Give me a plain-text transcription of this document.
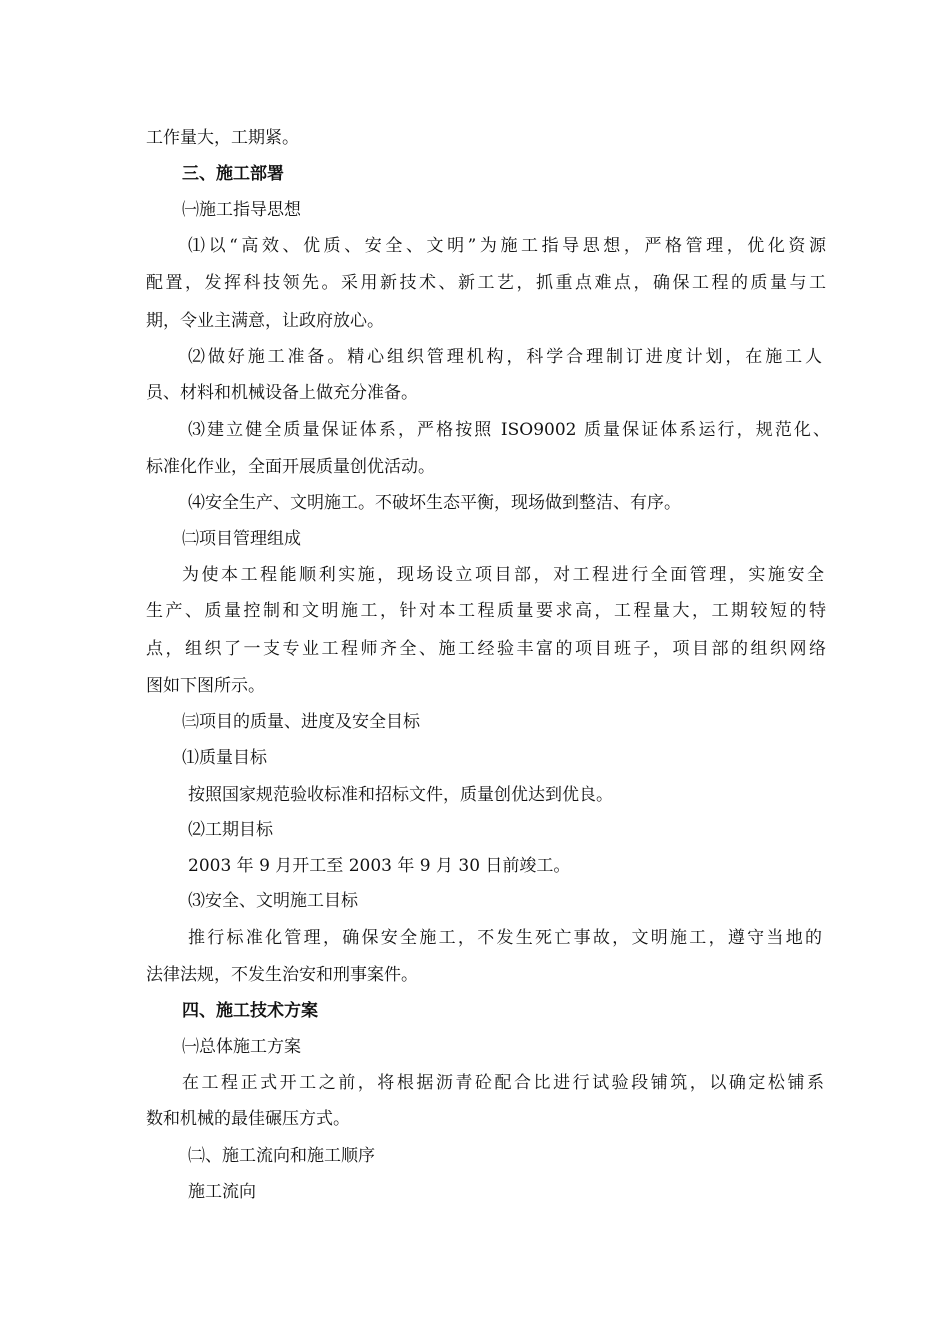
工作量大，工期紧。

三、施工部署

㈠施工指导思想

⑴以“高效、优质、安全、文明”为施工指导思想，严格管理，优化资源

配置，发挥科技领先。采用新技术、新工艺，抓重点难点，确保工程的质量与工

期，令业主满意，让政府放心。

⑵做好施工准备。精心组织管理机构，科学合理制订进度计划，在施工人

员、材料和机械设备上做充分准备。

⑶建立健全质量保证体系，严格按照 ISO9002 质量保证体系运行，规范化、

标准化作业，全面开展质量创优活动。

⑷安全生产、文明施工。不破坏生态平衡，现场做到整洁、有序。

㈡项目管理组成

为使本工程能顺利实施，现场设立项目部，对工程进行全面管理，实施安全

生产、质量控制和文明施工，针对本工程质量要求高，工程量大，工期较短的特

点，组织了一支专业工程师齐全、施工经验丰富的项目班子，项目部的组织网络

图如下图所示。

㈢项目的质量、进度及安全目标

⑴质量目标

按照国家规范验收标准和招标文件，质量创优达到优良。

⑵工期目标

2003 年 9 月开工至 2003 年 9 月 30 日前竣工。

⑶安全、文明施工目标

推行标准化管理，确保安全施工，不发生死亡事故，文明施工，遵守当地的

法律法规，不发生治安和刑事案件。

四、施工技术方案

㈠总体施工方案

在工程正式开工之前，将根据沥青砼配合比进行试验段铺筑，以确定松铺系

数和机械的最佳碾压方式。

㈡、施工流向和施工顺序

施工流向
